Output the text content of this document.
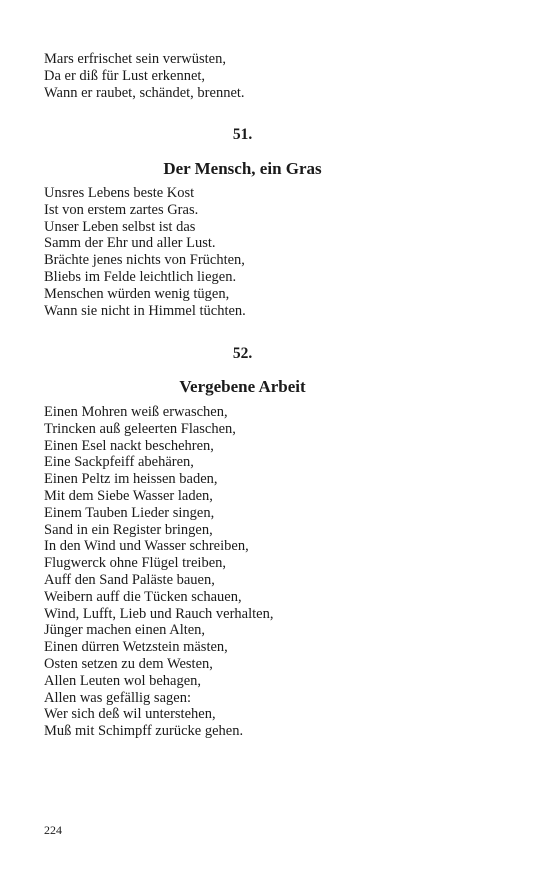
Mars erfrischet sein verwüsten,
Da er diß für Lust erkennet,
Wann er raubet, schändet, brennet.
51.
Der Mensch, ein Gras
Unsres Lebens beste Kost
Ist von erstem zartes Gras.
Unser Leben selbst ist das
Samm der Ehr und aller Lust.
Brächte jenes nichts von Früchten,
Bliebs im Felde leichtlich liegen.
Menschen würden wenig tügen,
Wann sie nicht in Himmel tüchten.
52.
Vergebene Arbeit
Einen Mohren weiß erwaschen,
Trincken auß geleerten Flaschen,
Einen Esel nackt beschehren,
Eine Sackpfeiff abehären,
Einen Peltz im heissen baden,
Mit dem Siebe Wasser laden,
Einem Tauben Lieder singen,
Sand in ein Register bringen,
In den Wind und Wasser schreiben,
Flugwerck ohne Flügel treiben,
Auff den Sand Paläste bauen,
Weibern auff die Tücken schauen,
Wind, Lufft, Lieb und Rauch verhalten,
Jünger machen einen Alten,
Einen dürren Wetzstein mästen,
Osten setzen zu dem Westen,
Allen Leuten wol behagen,
Allen was gefällig sagen:
Wer sich deß wil unterstehen,
Muß mit Schimpff zurücke gehen.
224
